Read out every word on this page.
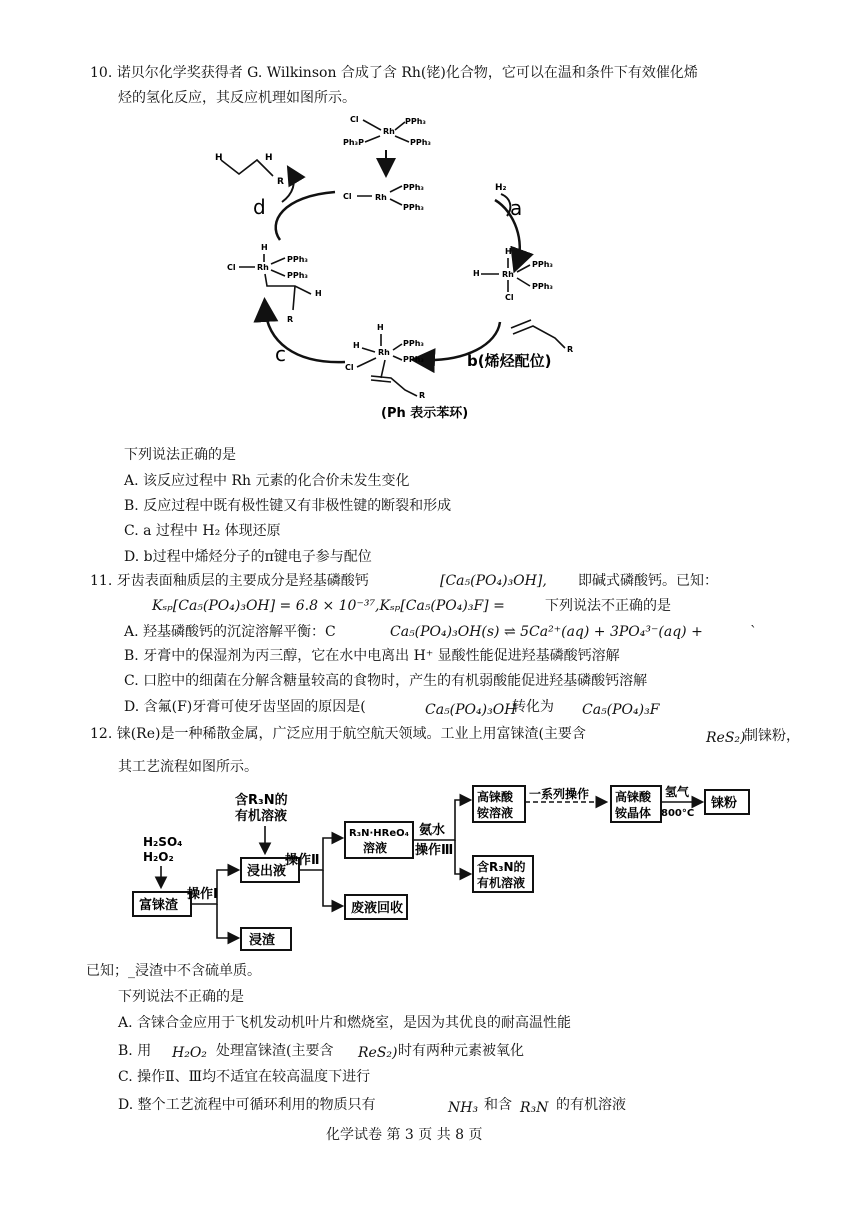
10. 诺贝尔化学奖获得者 G. Wilkinson 合成了含 Rh(铑)化合物，它可以在温和条件下有效催化烯
烃的氢化反应，其反应机理如图所示。
Cl
Rh
PPh₃
Ph₃P	PPh₃
Cl	Rh
PPh₃
PPh₃
H	H
R
a
H₂
d
c	b(烯烃配位)
H
H	Rh
PPh₃
PPh₃
Cl
R
H
H
Rh
PPh₃
PPh₃
Cl
R
H
Cl	Rh
PPh₃
PPh₃
H
R
(Ph 表示苯环)
下列说法正确的是
A. 该反应过程中 Rh 元素的化合价未发生变化
B. 反应过程中既有极性键又有非极性键的断裂和形成
C. a 过程中 H₂ 体现还原
D. b过程中烯烃分子的π键电子参与配位
11. 牙齿表面釉质层的主要成分是羟基磷酸钙	[Ca₅(PO₄)₃OH], 即碱式磷酸钙。已知：
Kₛₚ[Ca₅(PO₄)₃OH] = 6.8 × 10⁻³⁷,Kₛₚ[Ca₅(PO₄)₃F] =	下列说法不正确的是
A. 羟基磷酸钙的沉淀溶解平衡：C	Ca₅(PO₄)₃OH(s) ⇌ 5Ca²⁺(aq) + 3PO₄³⁻(aq) +	`
B. 牙膏中的保湿剂为丙三醇，它在水中电离出 H⁺ 显酸性能促进羟基磷酸钙溶解
C. 口腔中的细菌在分解含糖量较高的食物时，产生的有机弱酸能促进羟基磷酸钙溶解
D. 含氟(F)牙膏可使牙齿坚固的原因是(	Ca₅(PO₄)₃OH
转化为 Ca₅(PO₄)₃F
12. 铼(Re)是一种稀散金属，广泛应用于航空航天领域。工业上用富铼渣(主要含	ReS₂)
制铼粉，
其工艺流程如图所示。
H₂SO₄
H₂O₂
富铼渣
操作Ⅰ
含R₃N的
有机溶液
浸出液
浸渣
操作Ⅱ
R₃N·HReO₄
溶液
废液回收
氨水
操作Ⅲ
高铼酸
铵溶液
含R₃N的
有机溶液
一系列操作 高铼酸
铵晶体
氢气
800°C
铼粉
已知；_浸渣中不含硫单质。
下列说法不正确的是
A. 含铼合金应用于飞机发动机叶片和燃烧室，是因为其优良的耐高温性能
B. 用 H₂O₂ 处理富铼渣(主要含 ReS₂) 时有两种元素被氧化
C. 操作Ⅱ、Ⅲ均不适宜在较高温度下进行
D. 整个工艺流程中可循环利用的物质只有	NH₃ 和含 R₃N 的有机溶液
化学试卷 第 3 页 共 8 页
